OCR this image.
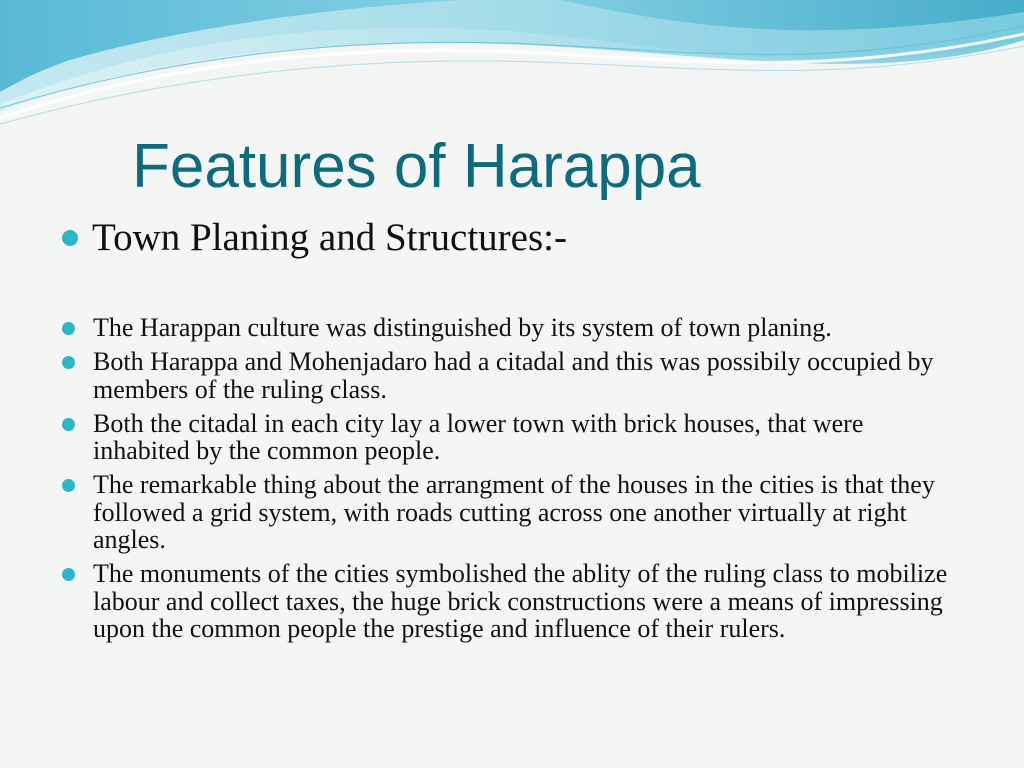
Features of Harappa
Town Planing and Structures:-
The Harappan culture was distinguished by its system of town planing.
Both Harappa and Mohenjadaro had a citadal and this was possibily occupied by members of the ruling class.
Both the citadal in each city lay a lower town with brick houses, that were inhabited by the common people.
The remarkable thing about the arrangment of the houses in the cities is that they followed a grid system, with roads cutting across one another virtually at right angles.
The monuments of the cities symbolished the ablity of the ruling class to mobilize labour and collect taxes, the huge brick constructions were a means of impressing upon the common people the prestige and influence of their rulers.
